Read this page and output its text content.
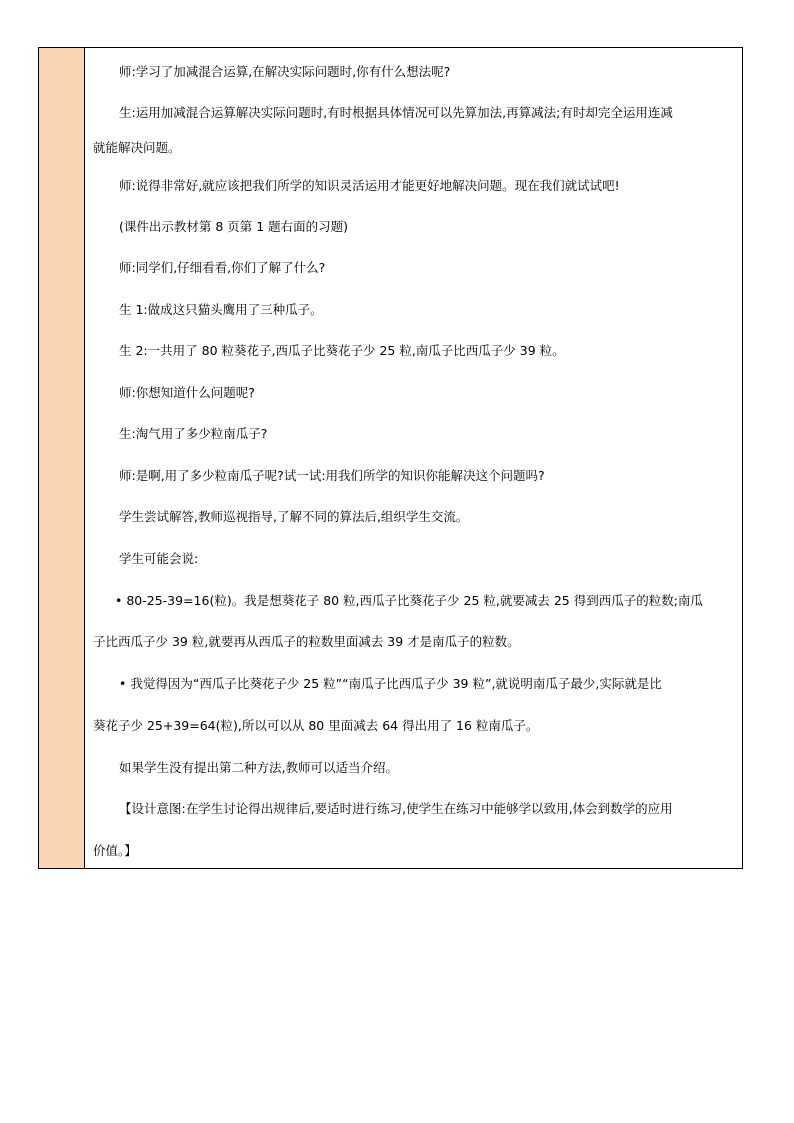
师:学习了加减混合运算,在解决实际问题时,你有什么想法呢?
生:运用加减混合运算解决实际问题时,有时根据具体情况可以先算加法,再算减法;有时却完全运用连减
就能解决问题。
师:说得非常好,就应该把我们所学的知识灵活运用才能更好地解决问题。现在我们就试试吧!
(课件出示教材第 8 页第 1 题右面的习题)
师:同学们,仔细看看,你们了解了什么?
生 1:做成这只猫头鹰用了三种瓜子。
生 2:一共用了 80 粒葵花子,西瓜子比葵花子少 25 粒,南瓜子比西瓜子少 39 粒。
师:你想知道什么问题呢?
生:淘气用了多少粒南瓜子?
师:是啊,用了多少粒南瓜子呢?试一试:用我们所学的知识你能解决这个问题吗?
学生尝试解答,教师巡视指导,了解不同的算法后,组织学生交流。
学生可能会说:
• 80-25-39=16(粒)。我是想葵花子 80 粒,西瓜子比葵花子少 25 粒,就要减去 25 得到西瓜子的粒数;南瓜
子比西瓜子少 39 粒,就要再从西瓜子的粒数里面减去 39 才是南瓜子的粒数。
• 我觉得因为“西瓜子比葵花子少 25 粒”“南瓜子比西瓜子少 39 粒”,就说明南瓜子最少,实际就是比
葵花子少 25+39=64(粒),所以可以从 80 里面减去 64 得出用了 16 粒南瓜子。
如果学生没有提出第二种方法,教师可以适当介绍。
【设计意图:在学生讨论得出规律后,要适时进行练习,使学生在练习中能够学以致用,体会到数学的应用
价值。】
